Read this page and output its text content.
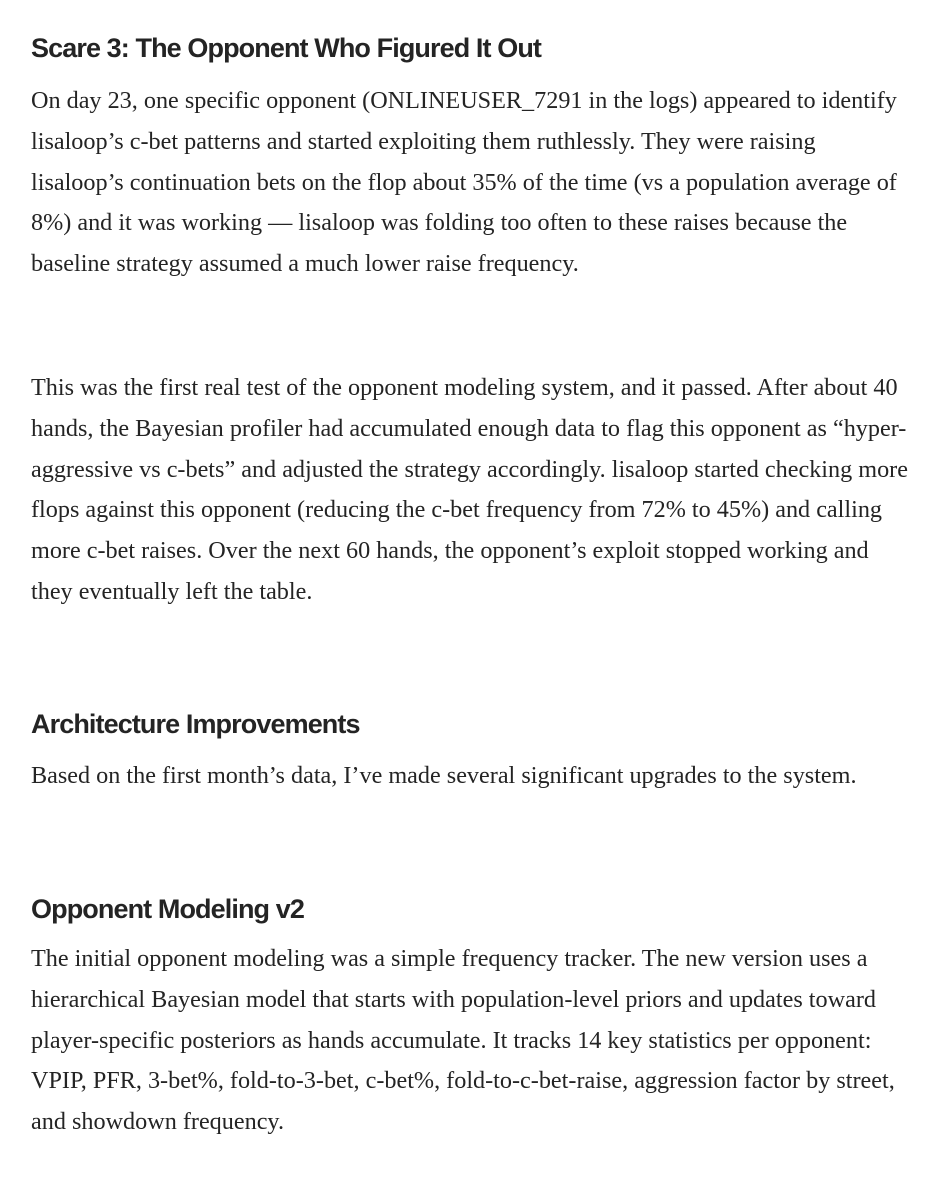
Scare 3: The Opponent Who Figured It Out

On day 23, one specific opponent (ONLINEUSER_7291 in the logs) appeared to identify lisaloop’s c-bet patterns and started exploiting them ruthlessly. They were raising lisaloop’s continuation bets on the flop about 35% of the time (vs a population average of 8%) and it was working — lisaloop was folding too often to these raises because the baseline strategy assumed a much lower raise frequency.

This was the first real test of the opponent modeling system, and it passed. After about 40 hands, the Bayesian profiler had accumulated enough data to flag this opponent as “hyper-aggressive vs c-bets” and adjusted the strategy accordingly. lisaloop started checking more flops against this opponent (reducing the c-bet frequency from 72% to 45%) and calling more c-bet raises. Over the next 60 hands, the opponent’s exploit stopped working and they eventually left the table.

Architecture Improvements

Based on the first month’s data, I’ve made several significant upgrades to the system.

Opponent Modeling v2

The initial opponent modeling was a simple frequency tracker. The new version uses a hierarchical Bayesian model that starts with population-level priors and updates toward player-specific posteriors as hands accumulate. It tracks 14 key statistics per opponent: VPIP, PFR, 3-bet%, fold-to-3-bet, c-bet%, fold-to-c-bet-raise, aggression factor by street, and showdown frequency.
